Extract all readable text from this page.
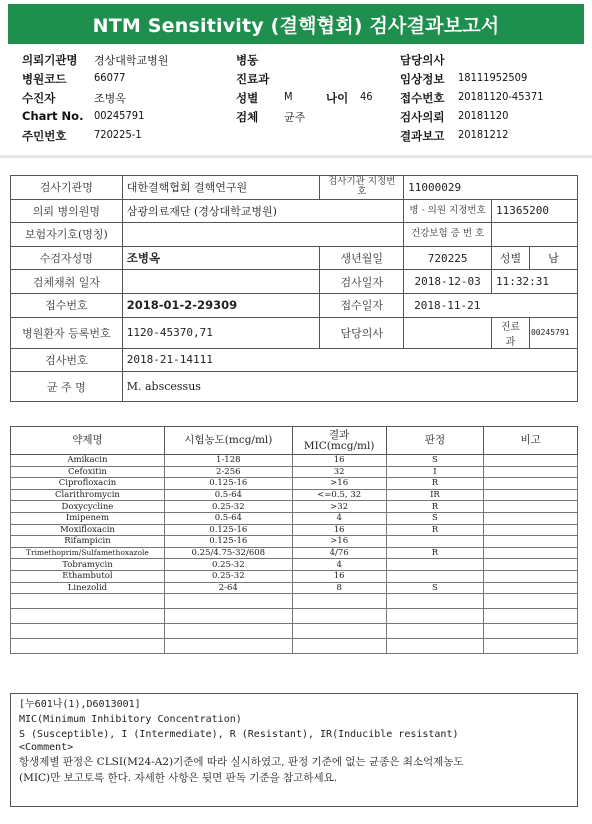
NTM Sensitivity (결핵협회) 검사결과보고서
의뢰기관명 경상대학교병원	병동	담당의사
병원코드	66077	진료과	임상정보 18111952509
수진자	조병옥	성별 M	나이 46 접수번호 20181120-45371
Chart No. 00245791	검체 균주	검사의뢰 20181120
주민번호	720225-1	결과보고 20181212
검사기관명	대한결핵협회 결핵연구원	검사기관 지정번호	11000029		
의뢰 병의원명	삼광의료재단 (경상대학교병원)		병 · 의원 지정번호	11365200	
보험자기호(명칭)			건강보험 증 번 호		
수검자성명	조병옥	생년월일	720225	성별	남
검체채취 일자		검사일자	2018-12-03	11:32:31	
접수번호	2018-01-2-29309	접수일자	2018-11-21		
병원환자 등록번호	1120-45370,71	담당의사		진료과	00245791
검사번호	2018-21-14111				
균 주 명	M. abscessus				
약제명	시험농도(mcg/ml)	결과 MIC(mcg/ml)	판정	비고
Amikacin	1-128	16	S	
Cefoxitin	2-256	32	I	
Ciprofloxacin	0.125-16	>16	R	
Clarithromycin	0.5-64	<=0.5, 32	IR	
Doxycycline	0.25-32	>32	R	
Imipenem	0.5-64	4	S	
Moxifloxacin	0.125-16	16	R	
Rifampicin	0.125-16	>16		
Trimethoprim/Sulfamethoxazole	0.25/4.75-32/608	4/76	R	
Tobramycin	0.25-32	4		
Ethambutol	0.25-32	16		
Linezolid	2-64	8	S	

[누601나(1),D6013001]
MIC(Minimum Inhibitory Concentration)
S (Susceptible), I (Intermediate), R (Resistant), IR(Inducible resistant)
<Comment>
항생제별 판정은 CLSI(M24-A2)기준에 따라 실시하였고, 판정 기준에 없는 균종은 최소억제농도
(MIC)만 보고토록 한다. 자세한 사항은 뒷면 판독 기준을 참고하세요.
